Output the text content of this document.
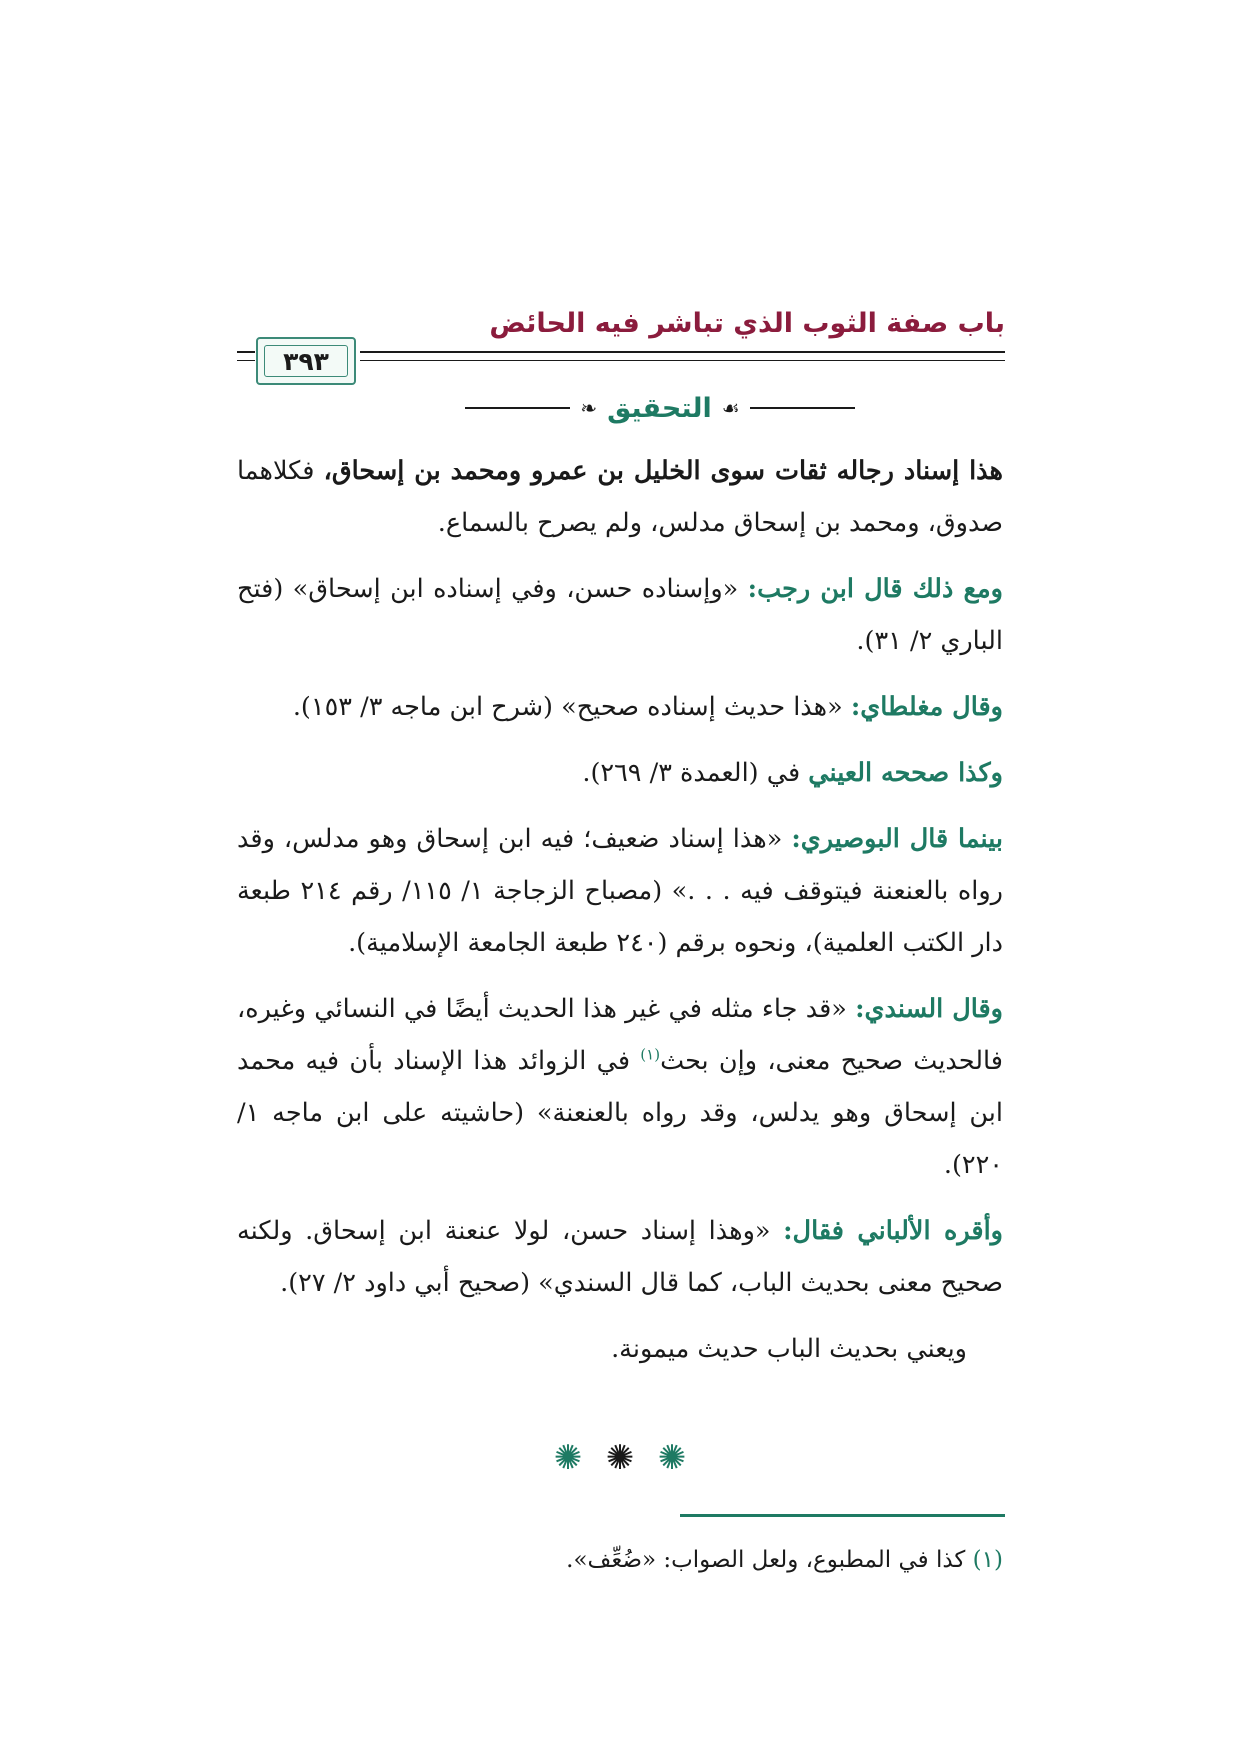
باب صفة الثوب الذي تباشر فيه الحائض
٣٩٣
❧ التحقيق ☙

هذا إسناد رجاله ثقات سوى الخليل بن عمرو ومحمد بن إسحاق، فكلاهما صدوق، ومحمد بن إسحاق مدلس، ولم يصرح بالسماع.

ومع ذلك قال ابن رجب: «وإسناده حسن، وفي إسناده ابن إسحاق» (فتح الباري ٢/ ٣١).

وقال مغلطاي: «هذا حديث إسناده صحيح» (شرح ابن ماجه ٣/ ١٥٣).

وكذا صححه العيني في (العمدة ٣/ ٢٦٩).

بينما قال البوصيري: «هذا إسناد ضعيف؛ فيه ابن إسحاق وهو مدلس، وقد رواه بالعنعنة فيتوقف فيه . . .» (مصباح الزجاجة ١/ ١١٥/ رقم ٢١٤ طبعة دار الكتب العلمية)، ونحوه برقم (٢٤٠ طبعة الجامعة الإسلامية).

وقال السندي: «قد جاء مثله في غير هذا الحديث أيضًا في النسائي وغيره، فالحديث صحيح معنى، وإن بحث$^{(١)}$ في الزوائد هذا الإسناد بأن فيه محمد ابن إسحاق وهو يدلس، وقد رواه بالعنعنة» (حاشيته على ابن ماجه ١/ ٢٢٠).

وأقره الألباني فقال: «وهذا إسناد حسن، لولا عنعنة ابن إسحاق. ولكنه صحيح معنى بحديث الباب، كما قال السندي» (صحيح أبي داود ٢/ ٢٧).

ويعني بحديث الباب حديث ميمونة.

✺ ✺ ✺
(١) كذا في المطبوع، ولعل الصواب: «ضُعِّف».
